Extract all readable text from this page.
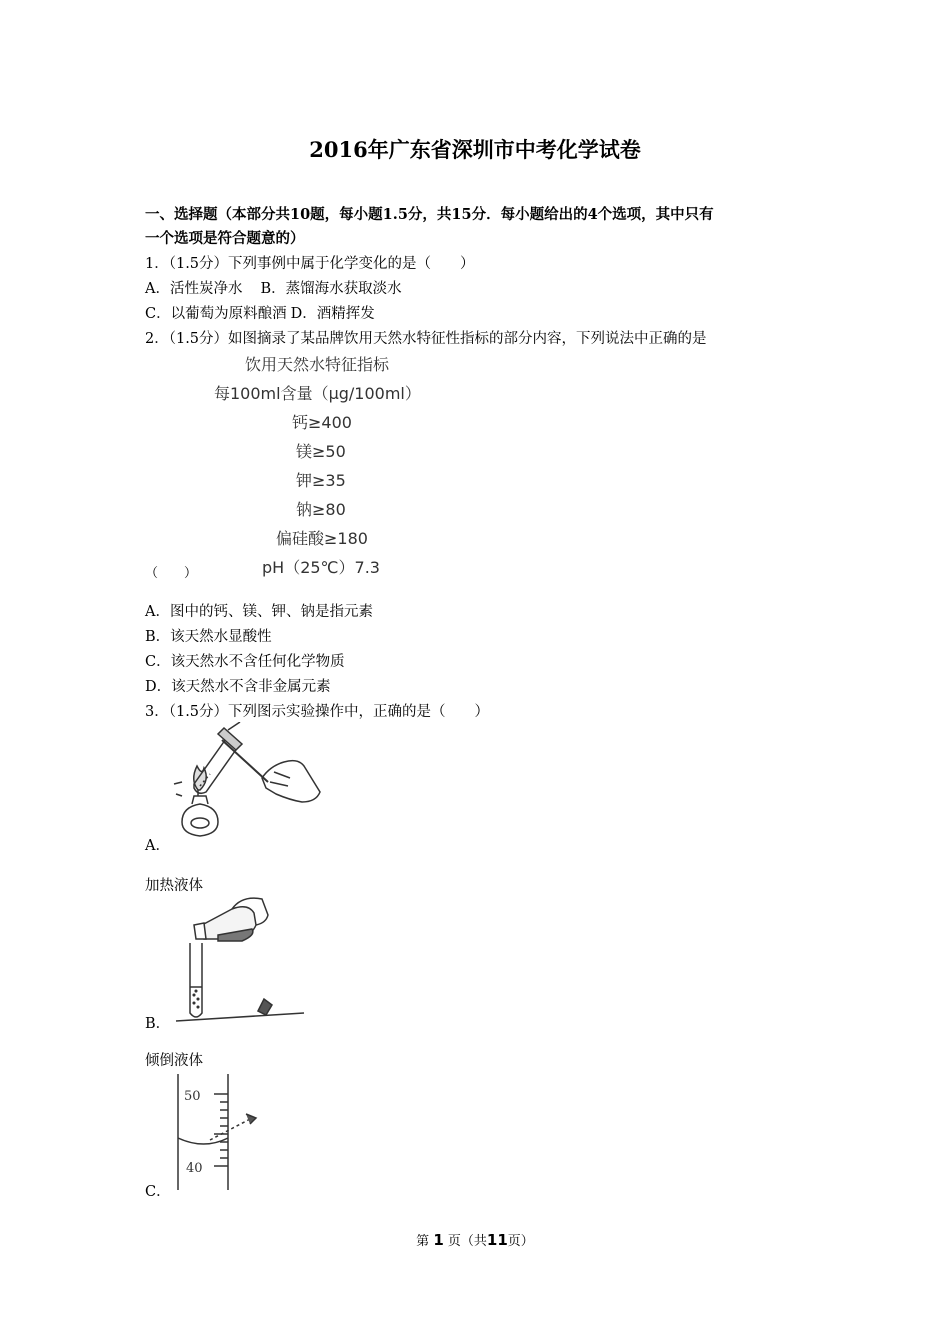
2016年广东省深圳市中考化学试卷
一、选择题（本部分共10题，每小题1.5分，共15分．每小题给出的4个选项，其中只有
一个选项是符合题意的）
1．（1.5分）下列事例中属于化学变化的是（　　）
A．活性炭净水 B．蒸馏海水获取淡水
C．以葡萄为原料酿酒 D．酒精挥发
2．（1.5分）如图摘录了某品牌饮用天然水特征性指标的部分内容，下列说法中正确的是
饮用天然水特征指标
每100ml含量（μg/100ml）
钙≥400
镁≥50
钾≥35
钠≥80
偏硅酸≥180
pH（25℃）7.3
（　　）
A．图中的钙、镁、钾、钠是指元素
B．该天然水显酸性
C．该天然水不含任何化学物质
D．该天然水不含非金属元素
3．（1.5分）下列图示实验操作中，正确的是（　　）
A．
加热液体
B．
倾倒液体
50
40
C．
第 1 页（共11页）
